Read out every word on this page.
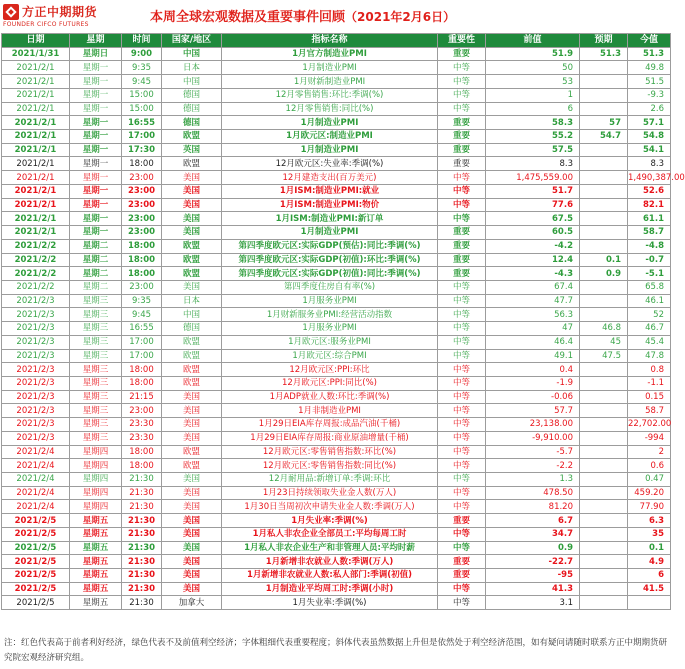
方正中期期货
FOUNDER CIFCO FUTURES	本周全球宏观数据及重要事件回顾（2021年2月6日）
日期	星期	时间	国家/地区	指标名称	重要性	前值	预期	今值
2021/1/31	星期日	9:00	中国	1月官方制造业PMI	重要	51.9	51.3	51.3
2021/2/1	星期一	9:35	日本	1月制造业PMI	中等	50		49.8
2021/2/1	星期一	9:45	中国	1月财新制造业PMI	中等	53		51.5
2021/2/1	星期一	15:00	德国	12月零售销售:环比:季调(%)	中等	1		-9.3
2021/2/1	星期一	15:00	德国	12月零售销售:同比(%)	中等	6		2.6
2021/2/1	星期一	16:55	德国	1月制造业PMI	重要	58.3	57	57.1
2021/2/1	星期一	17:00	欧盟	1月欧元区:制造业PMI	重要	55.2	54.7	54.8
2021/2/1	星期一	17:30	英国	1月制造业PMI	重要	57.5		54.1
2021/2/1	星期一	18:00	欧盟	12月欧元区:失业率:季调(%)	重要	8.3		8.3
2021/2/1	星期一	23:00	美国	12月建造支出(百万美元)	中等	1,475,559.00		1,490,387.00
2021/2/1	星期一	23:00	美国	1月ISM:制造业PMI:就业	中等	51.7		52.6
2021/2/1	星期一	23:00	美国	1月ISM:制造业PMI:物价	中等	77.6		82.1
2021/2/1	星期一	23:00	美国	1月ISM:制造业PMI:新订单	中等	67.5		61.1
2021/2/1	星期一	23:00	美国	1月制造业PMI	重要	60.5		58.7
2021/2/2	星期二	18:00	欧盟	第四季度欧元区:实际GDP(预估):同比:季调(%)	重要	-4.2		-4.8
2021/2/2	星期二	18:00	欧盟	第四季度欧元区:实际GDP(初值):环比:季调(%)	重要	12.4	0.1	-0.7
2021/2/2	星期二	18:00	欧盟	第四季度欧元区:实际GDP(初值):同比:季调(%)	重要	-4.3	0.9	-5.1
2021/2/2	星期二	23:00	美国	第四季度住房自有率(%)	中等	67.4		65.8
2021/2/3	星期三	9:35	日本	1月服务业PMI	中等	47.7		46.1
2021/2/3	星期三	9:45	中国	1月财新服务业PMI:经营活动指数	中等	56.3		52
2021/2/3	星期三	16:55	德国	1月服务业PMI	中等	47	46.8	46.7
2021/2/3	星期三	17:00	欧盟	1月欧元区:服务业PMI	中等	46.4	45	45.4
2021/2/3	星期三	17:00	欧盟	1月欧元区:综合PMI	中等	49.1	47.5	47.8
2021/2/3	星期三	18:00	欧盟	12月欧元区:PPI:环比	中等	0.4		0.8
2021/2/3	星期三	18:00	欧盟	12月欧元区:PPI:同比(%)	中等	-1.9		-1.1
2021/2/3	星期三	21:15	美国	1月ADP就业人数:环比:季调(%)	中等	-0.06		0.15
2021/2/3	星期三	23:00	美国	1月非制造业PMI	中等	57.7		58.7
2021/2/3	星期三	23:30	美国	1月29日EIA库存周报:成品汽油(千桶)	中等	23,138.00		22,702.00
2021/2/3	星期三	23:30	美国	1月29日EIA库存周报:商业原油增量(千桶)	中等	-9,910.00		-994
2021/2/4	星期四	18:00	欧盟	12月欧元区:零售销售指数:环比(%)	中等	-5.7		2
2021/2/4	星期四	18:00	欧盟	12月欧元区:零售销售指数:同比(%)	中等	-2.2		0.6
2021/2/4	星期四	21:30	美国	12月耐用品:新增订单:季调:环比	中等	1.3		0.47
2021/2/4	星期四	21:30	美国	1月23日持续领取失业金人数(万人)	中等	478.50		459.20
2021/2/4	星期四	21:30	美国	1月30日当周初次申请失业金人数:季调(万人)	中等	81.20		77.90
2021/2/5	星期五	21:30	美国	1月失业率:季调(%)	重要	6.7		6.3
2021/2/5	星期五	21:30	美国	1月私人非农企业全部员工:平均每周工时	中等	34.7		35
2021/2/5	星期五	21:30	美国	1月私人非农企业生产和非管理人员:平均时薪	中等	0.9		0.1
2021/2/5	星期五	21:30	美国	1月新增非农就业人数:季调(万人)	重要	-22.7		4.9
2021/2/5	星期五	21:30	美国	1月新增非农就业人数:私人部门:季调(初值)	重要	-95		6
2021/2/5	星期五	21:30	美国	1月制造业平均周工时:季调(小时)	中等	41.3		41.5
2021/2/5	星期五	21:30	加拿大	1月失业率:季调(%)	中等	3.1		
注：红色代表高于前者利好经济，绿色代表不及前值利空经济；字体粗细代表重要程度；斜体代表虽然数据上升但是依然处于利空经济范围，如有疑问请随时联系方正中期期货研究院宏观经济研究组。
